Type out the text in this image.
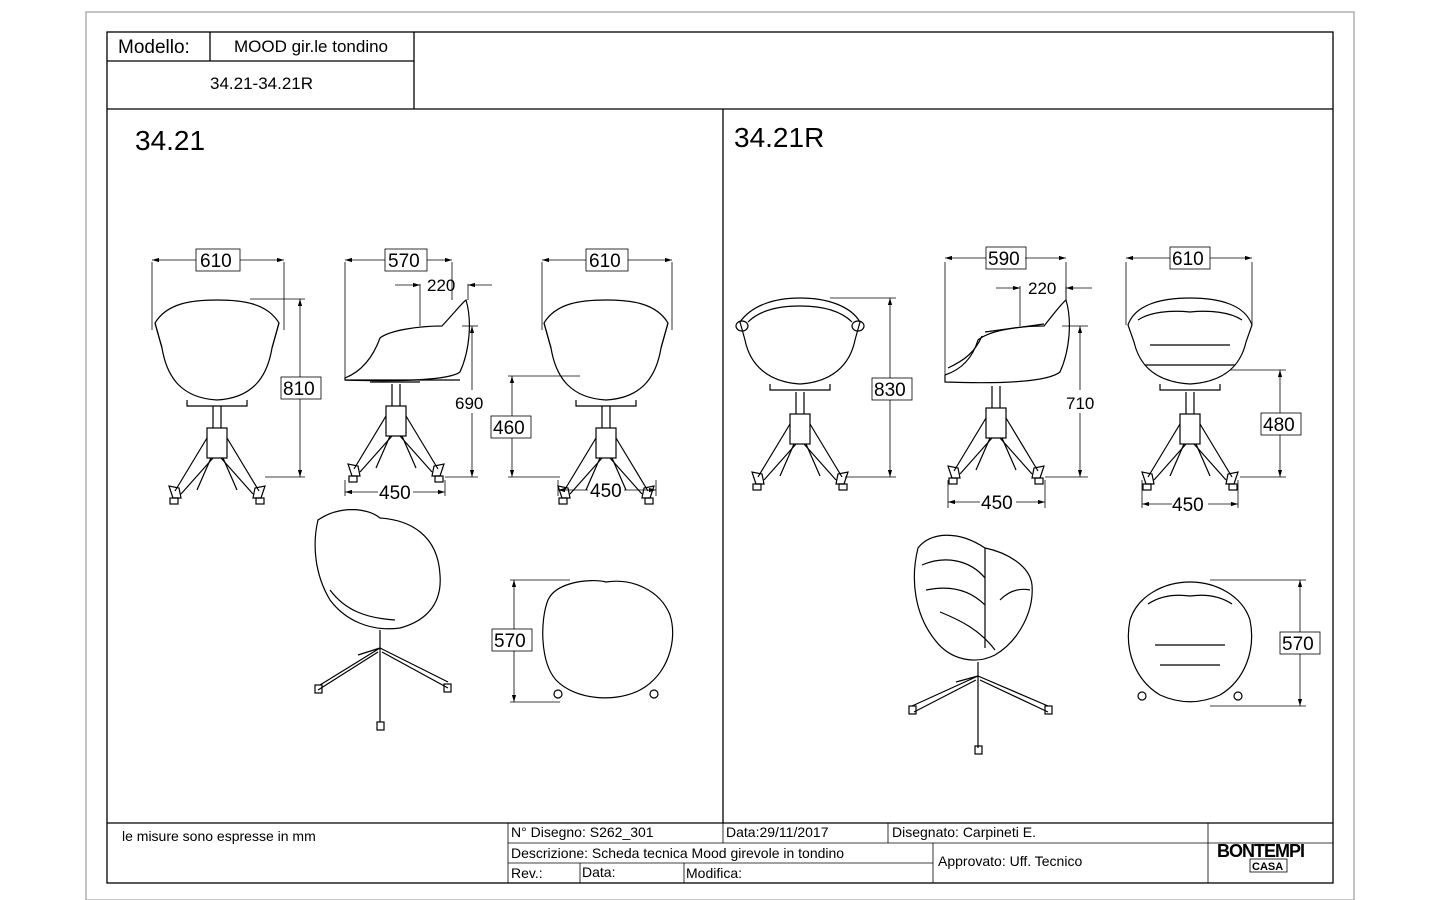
Modello:	MOOD gir.le tondino
34.21-34.21R
le misure sono espresse in mm	N° Disegno: S262_301	Data:29/11/2017	Disegnato: Carpineti E.
Descrizione: Scheda tecnica Mood girevole in tondino	Approvato: Uff. Tecnico
Rev.:	Data:	Modifica:
BONTEMPI
CASA
34.21
610
810
570
220
690
450
610
460
450
570
34.21R
830
590
220
710
450
610
480
450
570
